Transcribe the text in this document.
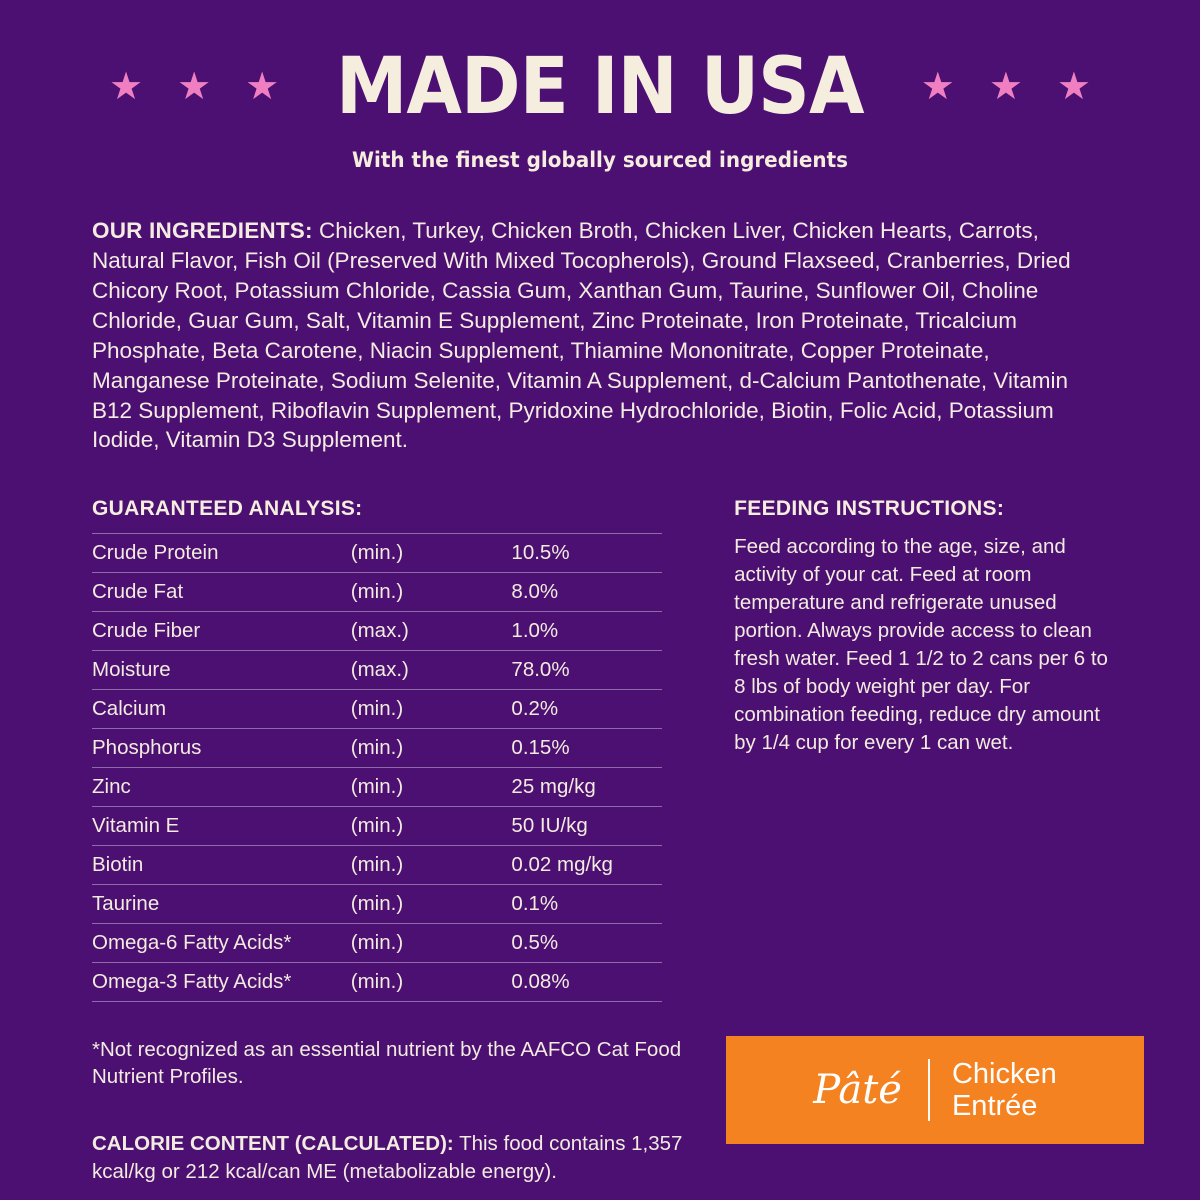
★ ★ ★ MADE IN USA ★ ★ ★
With the finest globally sourced ingredients
OUR INGREDIENTS: Chicken, Turkey, Chicken Broth, Chicken Liver, Chicken Hearts, Carrots, Natural Flavor, Fish Oil (Preserved With Mixed Tocopherols), Ground Flaxseed, Cranberries, Dried Chicory Root, Potassium Chloride, Cassia Gum, Xanthan Gum, Taurine, Sunflower Oil, Choline Chloride, Guar Gum, Salt, Vitamin E Supplement, Zinc Proteinate, Iron Proteinate, Tricalcium Phosphate, Beta Carotene, Niacin Supplement, Thiamine Mononitrate, Copper Proteinate, Manganese Proteinate, Sodium Selenite, Vitamin A Supplement, d-Calcium Pantothenate, Vitamin B12 Supplement, Riboflavin Supplement, Pyridoxine Hydrochloride, Biotin, Folic Acid, Potassium Iodide, Vitamin D3 Supplement.
GUARANTEED ANALYSIS:
Crude Protein	(min.)	10.5%
Crude Fat	(min.)	8.0%
Crude Fiber	(max.)	1.0%
Moisture	(max.)	78.0%
Calcium	(min.)	0.2%
Phosphorus	(min.)	0.15%
Zinc	(min.)	25 mg/kg
Vitamin E	(min.)	50 IU/kg
Biotin	(min.)	0.02 mg/kg
Taurine	(min.)	0.1%
Omega-6 Fatty Acids*	(min.)	0.5%
Omega-3 Fatty Acids*	(min.)	0.08%
FEEDING INSTRUCTIONS:
Feed according to the age, size, and activity of your cat. Feed at room temperature and refrigerate unused portion. Always provide access to clean fresh water. Feed 1 1/2 to 2 cans per 6 to 8 lbs of body weight per day. For combination feeding, reduce dry amount by 1/4 cup for every 1 can wet.
*Not recognized as an essential nutrient by the AAFCO Cat Food Nutrient Profiles.
CALORIE CONTENT (CALCULATED): This food contains 1,357 kcal/kg or 212 kcal/can ME (metabolizable energy).
Pâté Chicken
Entrée
